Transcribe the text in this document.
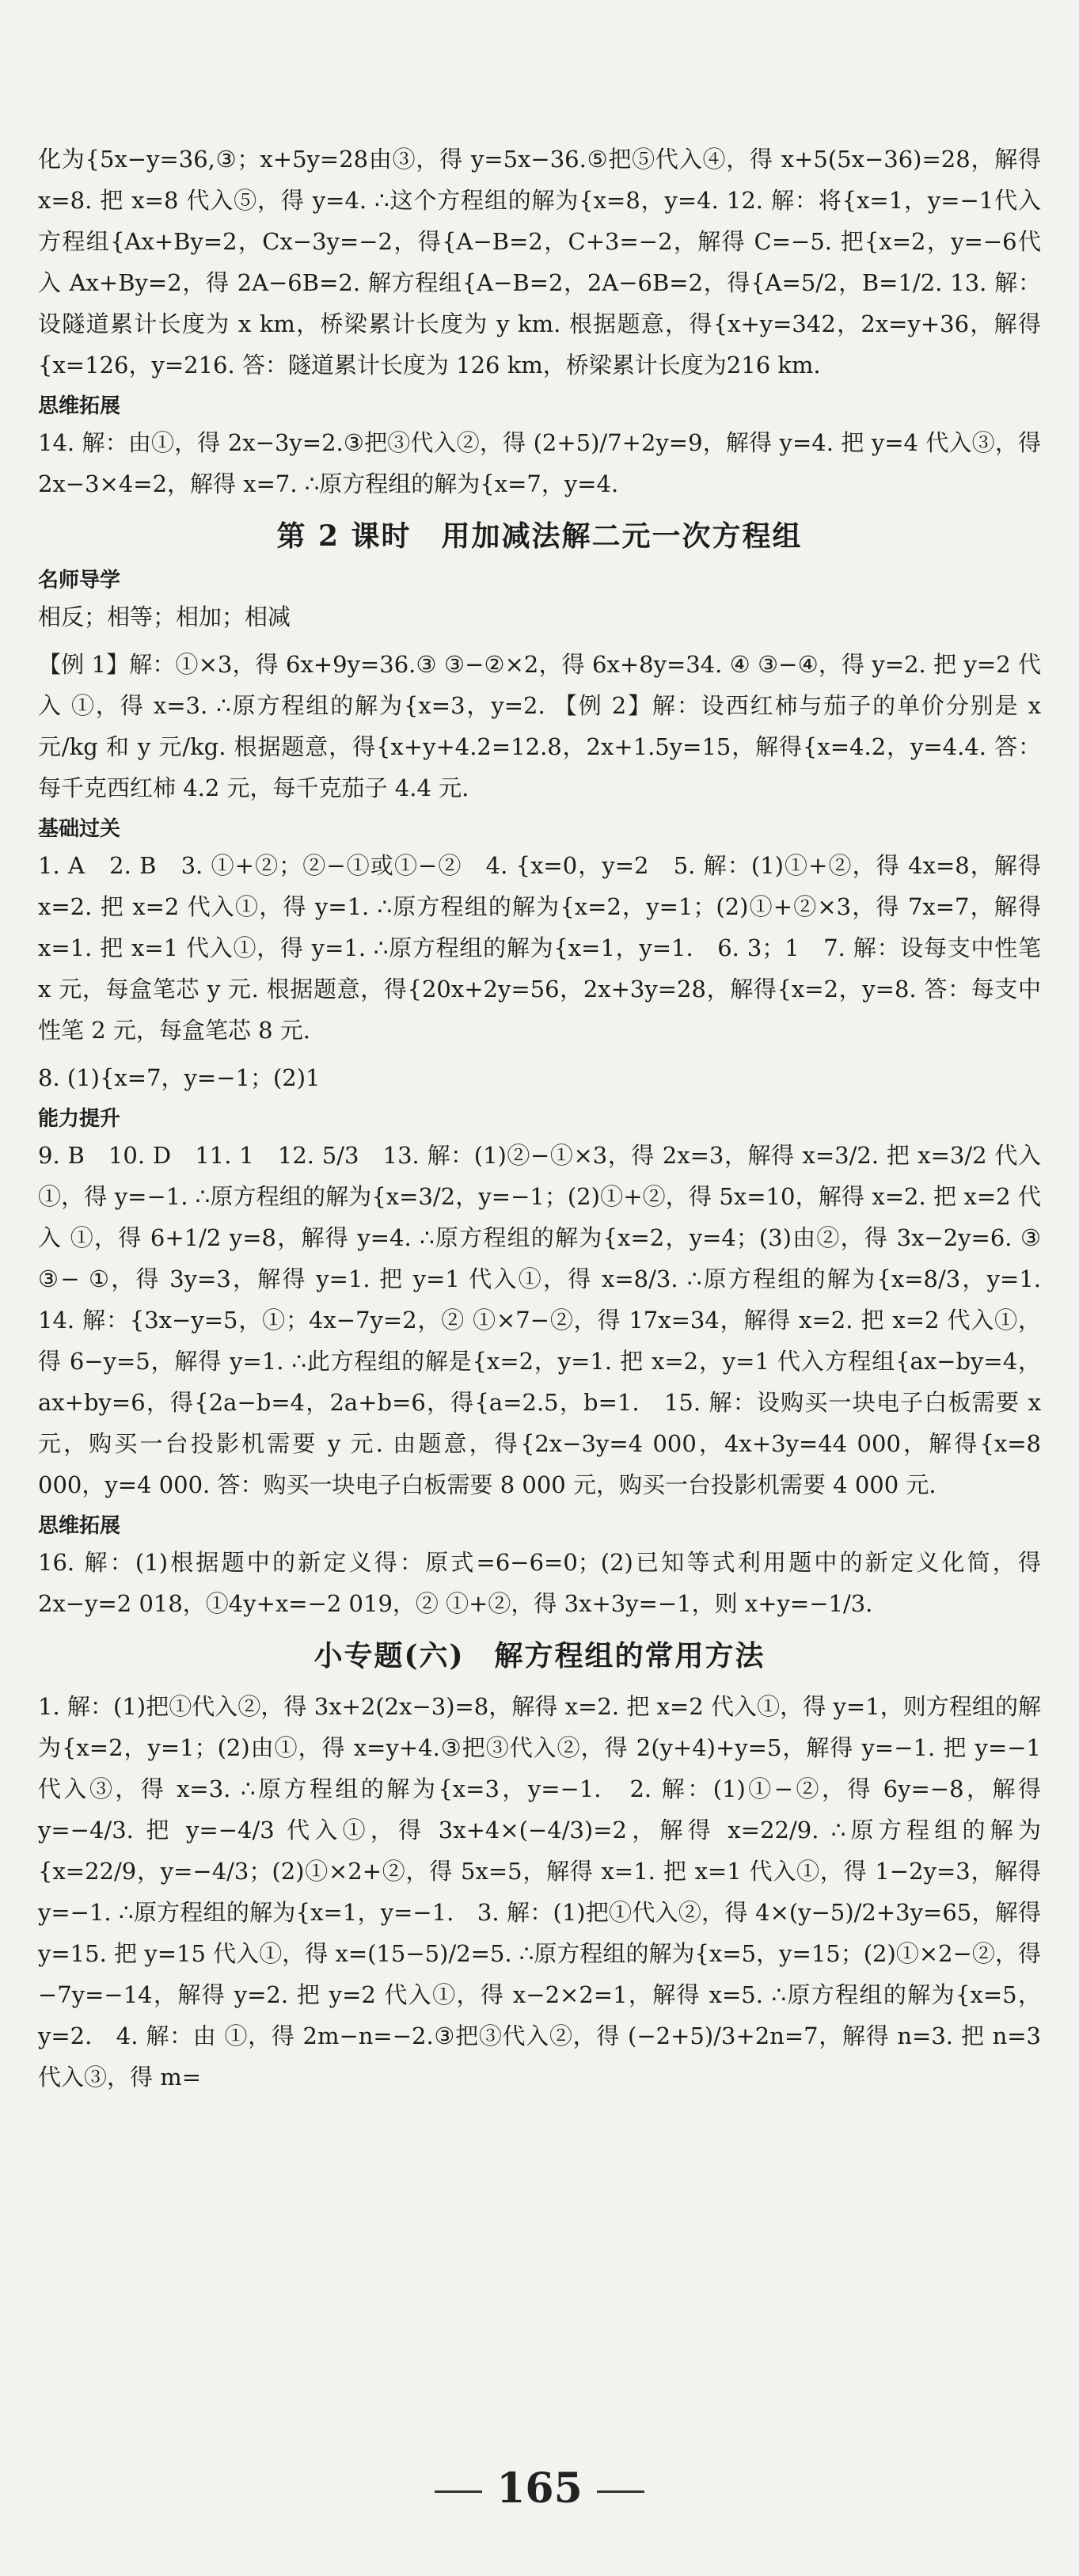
化为{5x−y=36,③；x+5y=28由③，得 y=5x−36.⑤把⑤代入④，得 x+5(5x−36)=28，解得 x=8. 把 x=8 代入⑤，得 y=4. ∴这个方程组的解为{x=8，y=4. 12. 解：将{x=1，y=−1代入方程组{Ax+By=2，Cx−3y=−2，得{A−B=2，C+3=−2，解得 C=−5. 把{x=2，y=−6代入 Ax+By=2，得 2A−6B=2. 解方程组{A−B=2，2A−6B=2，得{A=5/2，B=1/2. 13. 解：设隧道累计长度为 x km，桥梁累计长度为 y km. 根据题意，得{x+y=342，2x=y+36，解得{x=126，y=216. 答：隧道累计长度为 126 km，桥梁累计长度为216 km.
思维拓展
14. 解：由①，得 2x−3y=2.③把③代入②，得 (2+5)/7+2y=9，解得 y=4. 把 y=4 代入③，得 2x−3×4=2，解得 x=7. ∴原方程组的解为{x=7，y=4.
第 2 课时　用加减法解二元一次方程组
名师导学
相反；相等；相加；相减
【例 1】解：①×3，得 6x+9y=36.③ ③−②×2，得 6x+8y=34. ④ ③−④，得 y=2. 把 y=2 代入 ①，得 x=3. ∴原方程组的解为{x=3，y=2. 【例 2】解：设西红柿与茄子的单价分别是 x 元/kg 和 y 元/kg. 根据题意，得{x+y+4.2=12.8，2x+1.5y=15，解得{x=4.2，y=4.4. 答：每千克西红柿 4.2 元，每千克茄子 4.4 元.
基础过关
1. A　2. B　3. ①+②；②−①或①−②　4. {x=0，y=2　5. 解：(1)①+②，得 4x=8，解得 x=2. 把 x=2 代入①，得 y=1. ∴原方程组的解为{x=2，y=1；(2)①+②×3，得 7x=7，解得 x=1. 把 x=1 代入①，得 y=1. ∴原方程组的解为{x=1，y=1.　6. 3；1　7. 解：设每支中性笔 x 元，每盒笔芯 y 元. 根据题意，得{20x+2y=56，2x+3y=28，解得{x=2，y=8. 答：每支中性笔 2 元，每盒笔芯 8 元.
8. (1){x=7，y=−1；(2)1
能力提升
9. B　10. D　11. 1　12. 5/3　13. 解：(1)②−①×3，得 2x=3，解得 x=3/2. 把 x=3/2 代入 ①，得 y=−1. ∴原方程组的解为{x=3/2，y=−1；(2)①+②，得 5x=10，解得 x=2. 把 x=2 代入 ①，得 6+1/2 y=8，解得 y=4. ∴原方程组的解为{x=2，y=4；(3)由②，得 3x−2y=6. ③ ③− ①，得 3y=3，解得 y=1. 把 y=1 代入①，得 x=8/3. ∴原方程组的解为{x=8/3，y=1.　14. 解：{3x−y=5，①；4x−7y=2，② ①×7−②，得 17x=34，解得 x=2. 把 x=2 代入①，得 6−y=5，解得 y=1. ∴此方程组的解是{x=2，y=1. 把 x=2，y=1 代入方程组{ax−by=4，ax+by=6，得{2a−b=4，2a+b=6，得{a=2.5，b=1.　15. 解：设购买一块电子白板需要 x 元，购买一台投影机需要 y 元. 由题意，得{2x−3y=4 000，4x+3y=44 000，解得{x=8 000，y=4 000. 答：购买一块电子白板需要 8 000 元，购买一台投影机需要 4 000 元.
思维拓展
16. 解：(1)根据题中的新定义得：原式=6−6=0；(2)已知等式利用题中的新定义化简，得 2x−y=2 018，①4y+x=−2 019，② ①+②，得 3x+3y=−1，则 x+y=−1/3.
小专题(六)　解方程组的常用方法
1. 解：(1)把①代入②，得 3x+2(2x−3)=8，解得 x=2. 把 x=2 代入①，得 y=1，则方程组的解为{x=2，y=1；(2)由①，得 x=y+4.③把③代入②，得 2(y+4)+y=5，解得 y=−1. 把 y=−1 代入③，得 x=3. ∴原方程组的解为{x=3，y=−1.　2. 解：(1)①−②，得 6y=−8，解得 y=−4/3. 把 y=−4/3 代入①，得 3x+4×(−4/3)=2，解得 x=22/9. ∴原方程组的解为{x=22/9，y=−4/3；(2)①×2+②，得 5x=5，解得 x=1. 把 x=1 代入①，得 1−2y=3，解得 y=−1. ∴原方程组的解为{x=1，y=−1.　3. 解：(1)把①代入②，得 4×(y−5)/2+3y=65，解得 y=15. 把 y=15 代入①，得 x=(15−5)/2=5. ∴原方程组的解为{x=5，y=15；(2)①×2−②，得−7y=−14，解得 y=2. 把 y=2 代入①，得 x−2×2=1，解得 x=5. ∴原方程组的解为{x=5，y=2.　4. 解：由 ①，得 2m−n=−2.③把③代入②，得 (−2+5)/3+2n=7，解得 n=3. 把 n=3 代入③，得 m=
165
